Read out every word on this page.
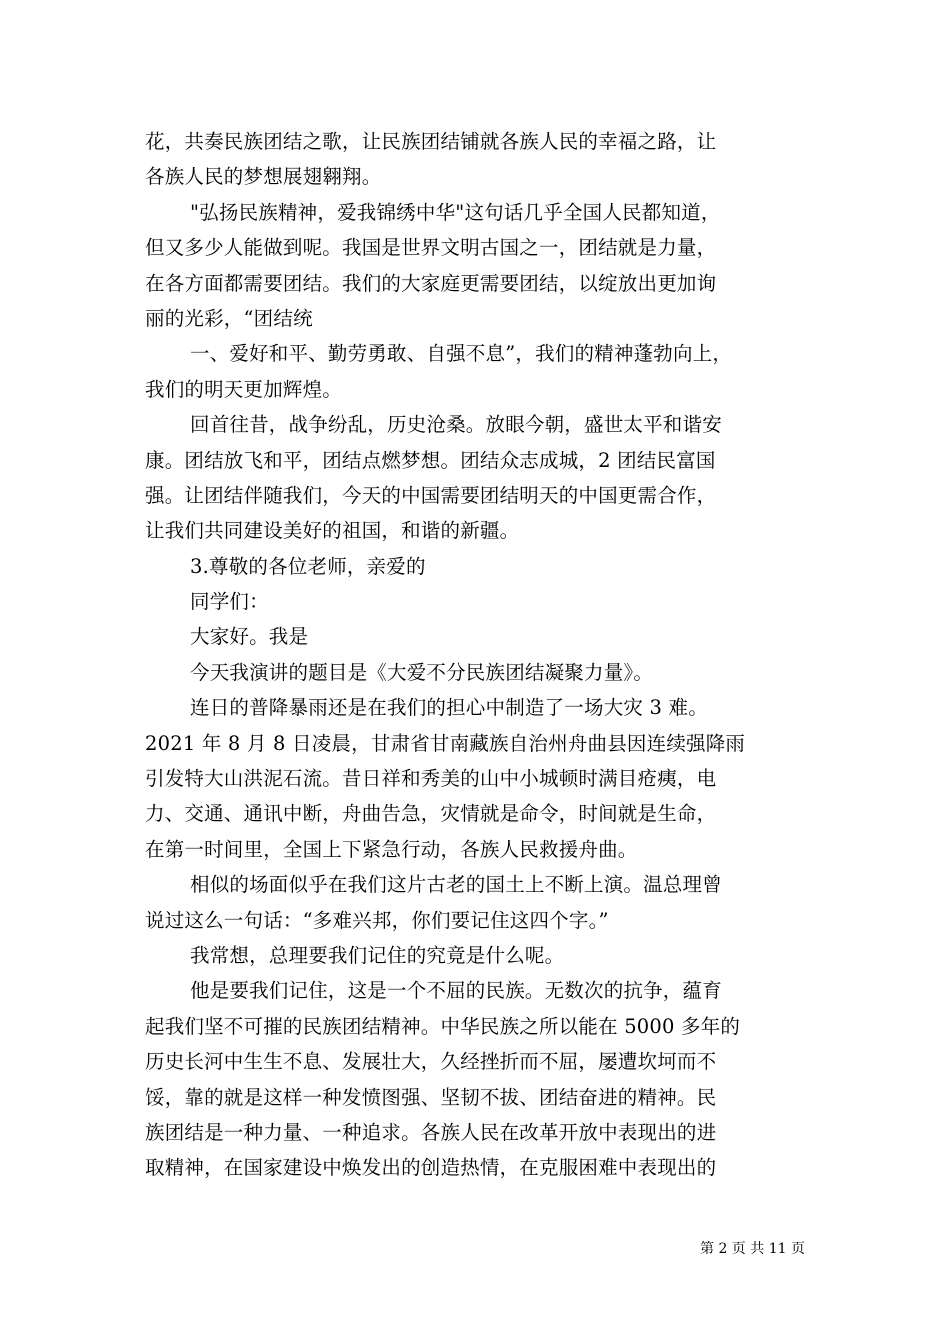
花，共奏民族团结之歌，让民族团结铺就各族人民的幸福之路，让
各族人民的梦想展翅翱翔。
"弘扬民族精神，爱我锦绣中华"这句话几乎全国人民都知道，
但又多少人能做到呢。我国是世界文明古国之一，团结就是力量，
在各方面都需要团结。我们的大家庭更需要团结，以绽放出更加询
丽的光彩，“团结统
一、爱好和平、勤劳勇敢、自强不息”，我们的精神蓬勃向上，
我们的明天更加辉煌。
回首往昔，战争纷乱，历史沧桑。放眼今朝，盛世太平和谐安
康。团结放飞和平，团结点燃梦想。团结众志成城，2 团结民富国
强。让团结伴随我们，今天的中国需要团结明天的中国更需合作，
让我们共同建设美好的祖国，和谐的新疆。
3.尊敬的各位老师，亲爱的
同学们：
大家好。我是
今天我演讲的题目是《大爱不分民族团结凝聚力量》。
连日的普降暴雨还是在我们的担心中制造了一场大灾 3 难。
2021 年 8 月 8 日凌晨，甘肃省甘南藏族自治州舟曲县因连续强降雨
引发特大山洪泥石流。昔日祥和秀美的山中小城顿时满目疮痍，电
力、交通、通讯中断，舟曲告急，灾情就是命令，时间就是生命，
在第一时间里，全国上下紧急行动，各族人民救援舟曲。
相似的场面似乎在我们这片古老的国土上不断上演。温总理曾
说过这么一句话：“多难兴邦，你们要记住这四个字。”
我常想，总理要我们记住的究竟是什么呢。
他是要我们记住，这是一个不屈的民族。无数次的抗争，蕴育
起我们坚不可摧的民族团结精神。中华民族之所以能在 5000 多年的
历史长河中生生不息、发展壮大，久经挫折而不屈，屡遭坎坷而不
馁，靠的就是这样一种发愤图强、坚韧不拔、团结奋进的精神。民
族团结是一种力量、一种追求。各族人民在改革开放中表现出的进
取精神，在国家建设中焕发出的创造热情，在克服困难中表现出的
第 2 页 共 11 页
